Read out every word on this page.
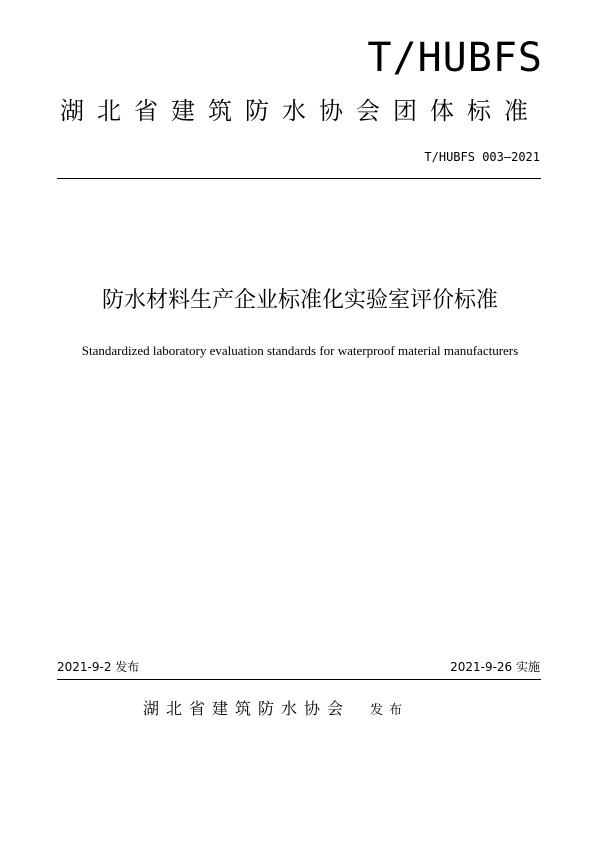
T/HUBFS
湖北省建筑防水协会团体标准
T/HUBFS 003—2021
防水材料生产企业标准化实验室评价标准
Standardized laboratory evaluation standards for waterproof material manufacturers
2021-9-2 发布	2021-9-26 实施
湖北省建筑防水协会 发布
